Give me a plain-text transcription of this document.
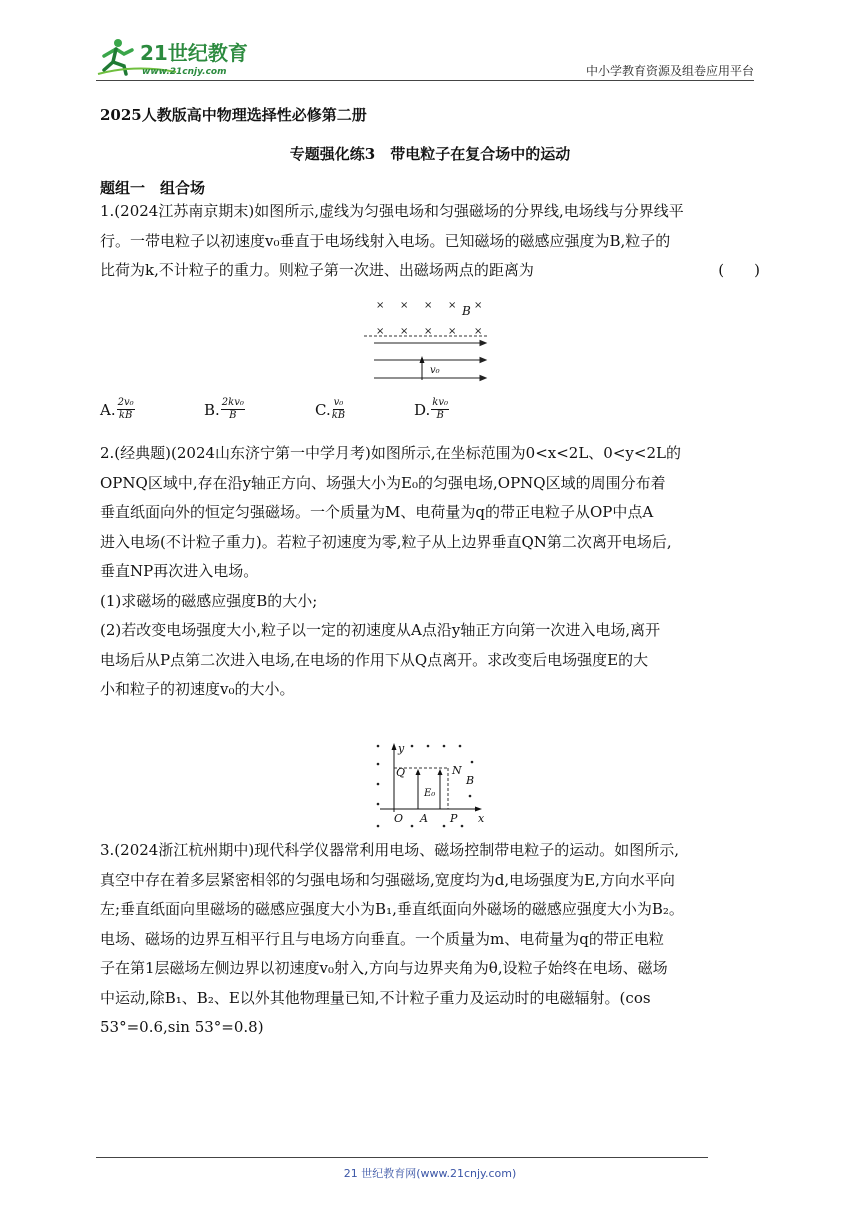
21世纪教育
www.21cnjy.com	中小学教育资源及组卷应用平台
2025人教版高中物理选择性必修第二册
专题强化练3　带电粒子在复合场中的运动
题组一　组合场
1.(2024江苏南京期末)如图所示,虚线为匀强电场和匀强磁场的分界线,电场线与分界线平
行。一带电粒子以初速度v₀垂直于电场线射入电场。已知磁场的磁感应强度为B,粒子的
比荷为k,不计粒子的重力。则粒子第一次进、出磁场两点的距离为	(　　)
× × × × ×
× × × × ×
B
v₀
A. $\frac{\text{2v₀}}{kB}$	B. $\frac{\text{2kv₀}}{B}$	C. $\frac{\text{v₀}}{kB}$	D. $\frac{\text{kv₀}}{B}$
2.(经典题)(2024山东济宁第一中学月考)如图所示,在坐标范围为0<x<2L、0<y<2L的
OPNQ区域中,存在沿y轴正方向、场强大小为E₀的匀强电场,OPNQ区域的周围分布着
垂直纸面向外的恒定匀强磁场。一个质量为M、电荷量为q的带正电粒子从OP中点A
进入电场(不计粒子重力)。若粒子初速度为零,粒子从上边界垂直QN第二次离开电场后,
垂直NP再次进入电场。
(1)求磁场的磁感应强度B的大小;
(2)若改变电场强度大小,粒子以一定的初速度从A点沿y轴正方向第一次进入电场,离开
电场后从P点第二次进入电场,在电场的作用下从Q点离开。求改变后电场强度E的大
小和粒子的初速度v₀的大小。
y
x
Q	N
B
E₀
O A P
3.(2024浙江杭州期中)现代科学仪器常利用电场、磁场控制带电粒子的运动。如图所示,
真空中存在着多层紧密相邻的匀强电场和匀强磁场,宽度均为d,电场强度为E,方向水平向
左;垂直纸面向里磁场的磁感应强度大小为B₁,垂直纸面向外磁场的磁感应强度大小为B₂。
电场、磁场的边界互相平行且与电场方向垂直。一个质量为m、电荷量为q的带正电粒
子在第1层磁场左侧边界以初速度v₀射入,方向与边界夹角为θ,设粒子始终在电场、磁场
中运动,除B₁、B₂、E以外其他物理量已知,不计粒子重力及运动时的电磁辐射。(cos
53°=0.6,sin 53°=0.8)
21 世纪教育网(www.21cnjy.com)
